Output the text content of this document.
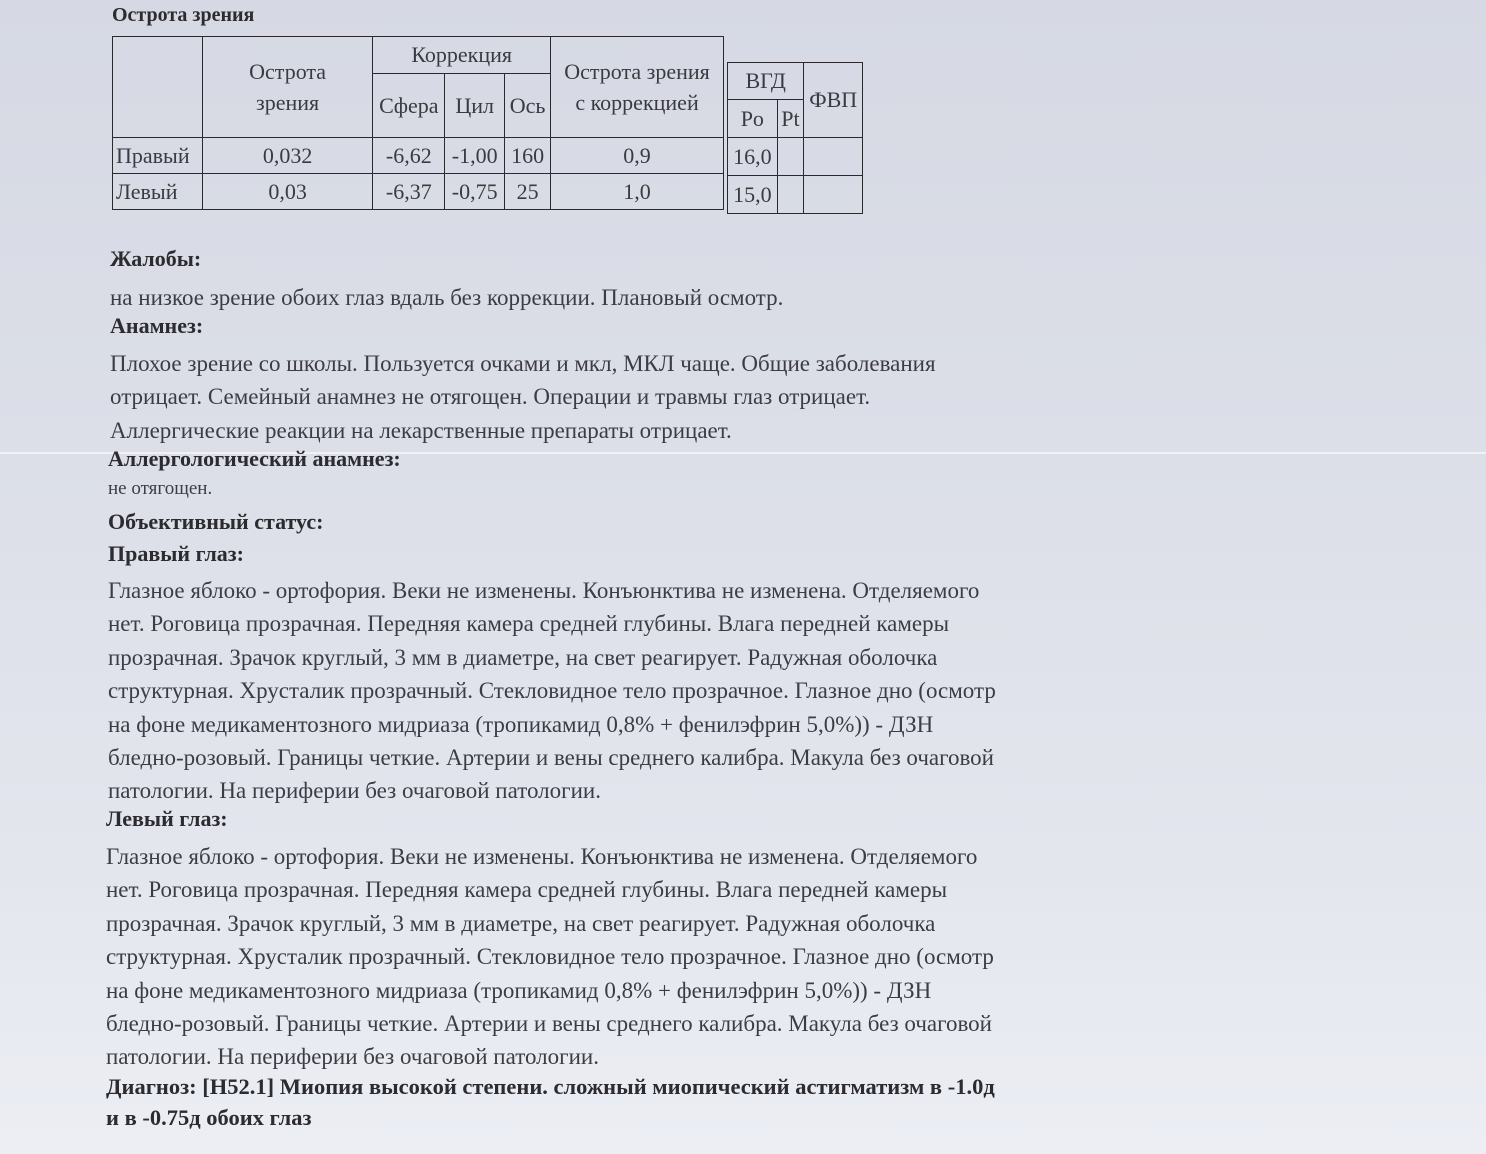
Острота зрения

	Острота зрения	Коррекция			Острота зрения с коррекцией

		Сфера	Цил	Ось	
Правый	0,032	-6,62	-1,00	160	0,9
Левый	0,03	-6,37	-0,75	25	1,0
ВГД		ФВП
Po	Pt	
16,0		
15,0		
Жалобы:
на низкое зрение обоих глаз вдаль без коррекции. Плановый осмотр.
Анамнез:
Плохое зрение со школы. Пользуется очками и мкл, МКЛ чаще. Общие заболевания
отрицает. Семейный анамнез не отягощен. Операции и травмы глаз отрицает.
Аллергические реакции на лекарственные препараты отрицает.
Аллергологический анамнез:
не отягощен.
Объективный статус:
Правый глаз:
Глазное яблоко - ортофория. Веки не изменены. Конъюнктива не изменена. Отделяемого
нет. Роговица прозрачная. Передняя камера средней глубины. Влага передней камеры
прозрачная. Зрачок круглый, 3 мм в диаметре, на свет реагирует. Радужная оболочка
структурная. Хрусталик прозрачный. Стекловидное тело прозрачное. Глазное дно (осмотр
на фоне медикаментозного мидриаза (тропикамид 0,8% + фенилэфрин 5,0%)) - ДЗН
бледно-розовый. Границы четкие. Артерии и вены среднего калибра. Макула без очаговой
патологии. На периферии без очаговой патологии.
Левый глаз:
Глазное яблоко - ортофория. Веки не изменены. Конъюнктива не изменена. Отделяемого
нет. Роговица прозрачная. Передняя камера средней глубины. Влага передней камеры
прозрачная. Зрачок круглый, 3 мм в диаметре, на свет реагирует. Радужная оболочка
структурная. Хрусталик прозрачный. Стекловидное тело прозрачное. Глазное дно (осмотр
на фоне медикаментозного мидриаза (тропикамид 0,8% + фенилэфрин 5,0%)) - ДЗН
бледно-розовый. Границы четкие. Артерии и вены среднего калибра. Макула без очаговой
патологии. На периферии без очаговой патологии.
Диагноз: [H52.1] Миопия высокой степени. сложный миопический астигматизм в -1.0д
и в -0.75д обоих глаз
